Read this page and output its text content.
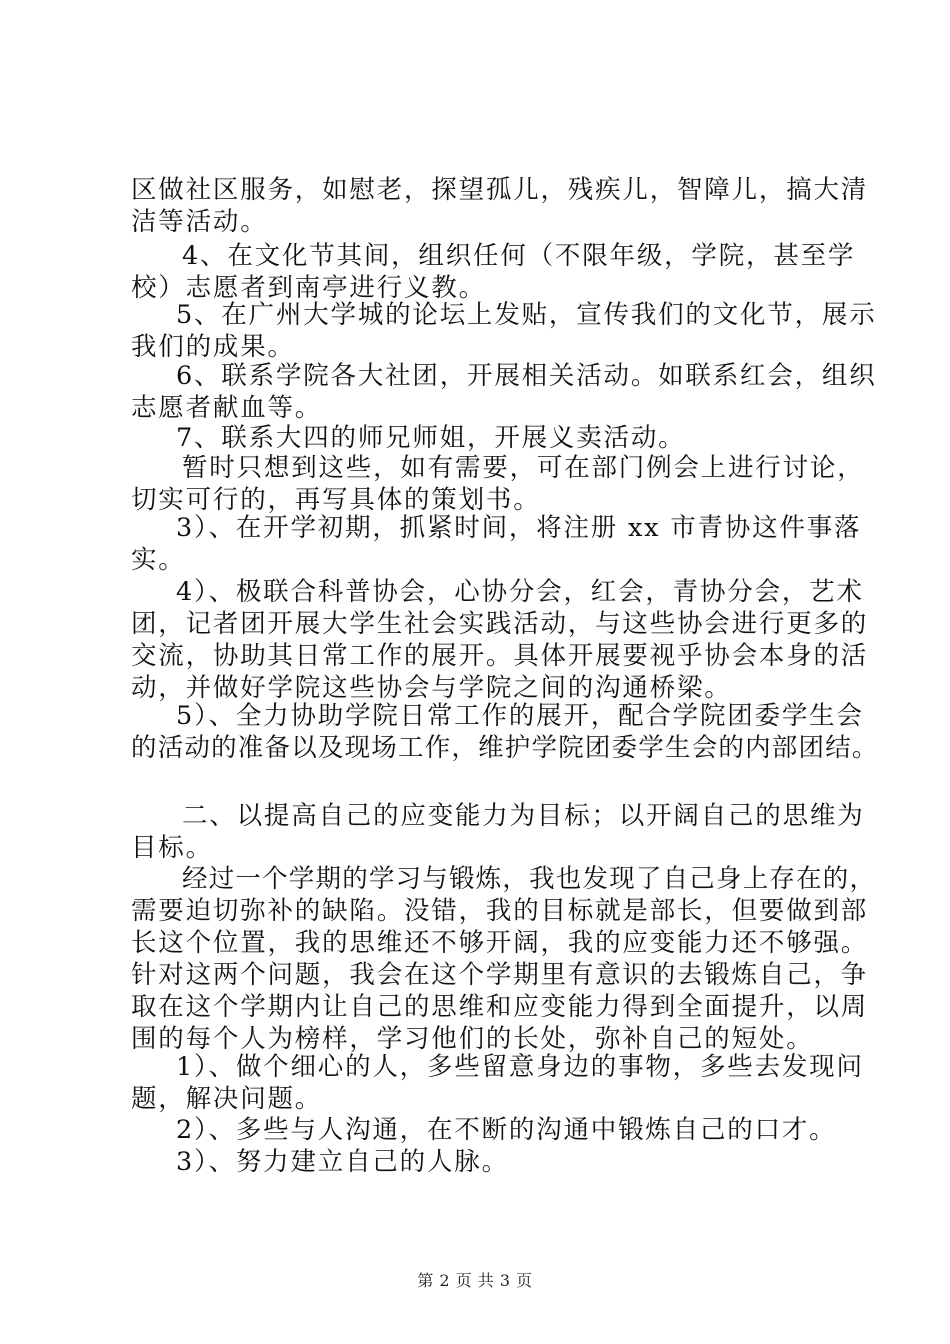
区做社区服务，如慰老，探望孤儿，残疾儿，智障儿，搞大清
洁等活动。
4、在文化节其间，组织任何（不限年级，学院，甚至学
校）志愿者到南亭进行义教。
5、在广州大学城的论坛上发贴，宣传我们的文化节，展示
我们的成果。
6、联系学院各大社团，开展相关活动。如联系红会，组织
志愿者献血等。
7、联系大四的师兄师姐，开展义卖活动。
暂时只想到这些，如有需要，可在部门例会上进行讨论，
切实可行的，再写具体的策划书。
3）、在开学初期，抓紧时间，将注册 xx 市青协这件事落
实。
4）、极联合科普协会，心协分会，红会，青协分会，艺术
团，记者团开展大学生社会实践活动，与这些协会进行更多的
交流，协助其日常工作的展开。具体开展要视乎协会本身的活
动，并做好学院这些协会与学院之间的沟通桥梁。
5）、全力协助学院日常工作的展开，配合学院团委学生会
的活动的准备以及现场工作，维护学院团委学生会的内部团结。
二、以提高自己的应变能力为目标；以开阔自己的思维为
目标。
经过一个学期的学习与锻炼，我也发现了自己身上存在的，
需要迫切弥补的缺陷。没错，我的目标就是部长，但要做到部
长这个位置，我的思维还不够开阔，我的应变能力还不够强。
针对这两个问题，我会在这个学期里有意识的去锻炼自己，争
取在这个学期内让自己的思维和应变能力得到全面提升，以周
围的每个人为榜样，学习他们的长处，弥补自己的短处。
1）、做个细心的人，多些留意身边的事物，多些去发现问
题，解决问题。
2）、多些与人沟通，在不断的沟通中锻炼自己的口才。
3）、努力建立自己的人脉。
第 2 页 共 3 页
